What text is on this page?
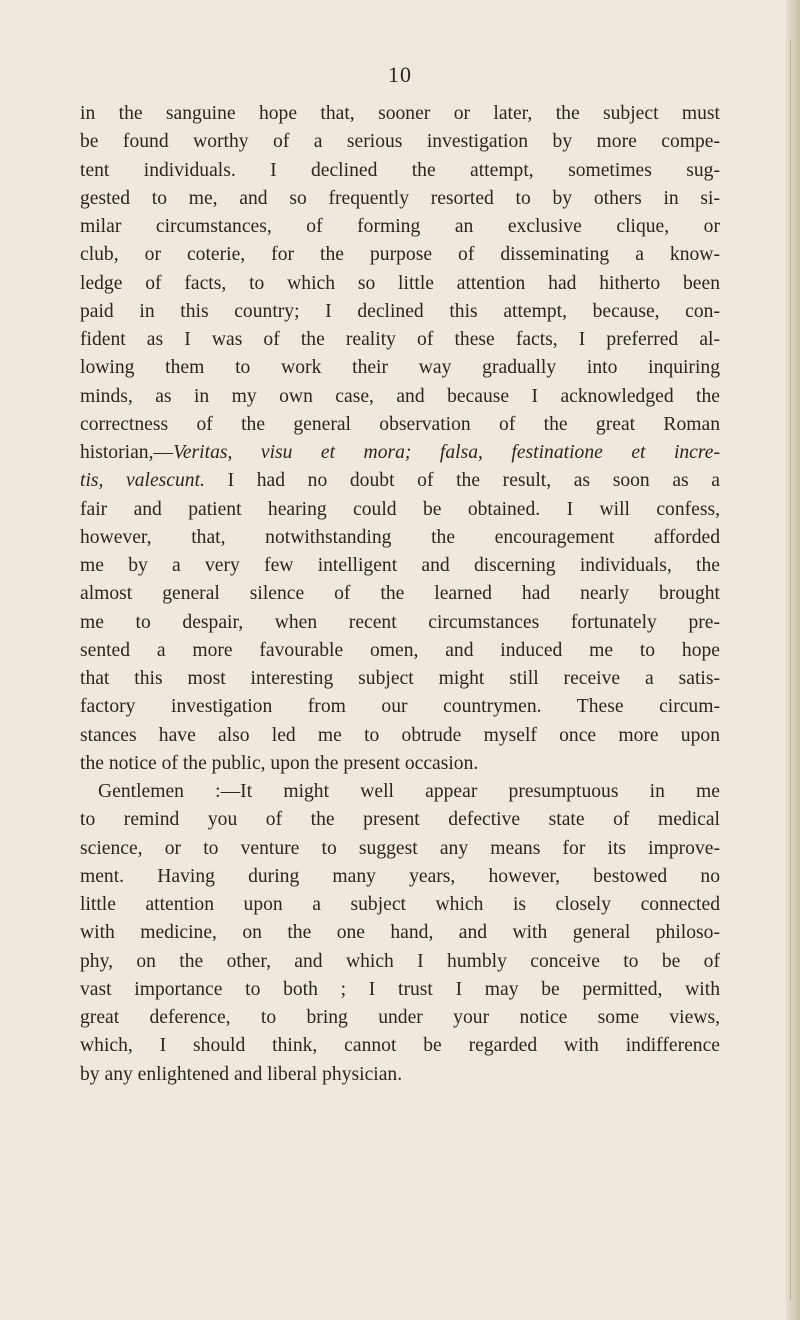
10
in the sanguine hope that, sooner or later, the subject must
be found worthy of a serious investigation by more compe-
tent individuals. I declined the attempt, sometimes sug-
gested to me, and so frequently resorted to by others in si-
milar circumstances, of forming an exclusive clique, or
club, or coterie, for the purpose of disseminating a know-
ledge of facts, to which so little attention had hitherto been
paid in this country; I declined this attempt, because, con-
fident as I was of the reality of these facts, I preferred al-
lowing them to work their way gradually into inquiring
minds, as in my own case, and because I acknowledged the
correctness of the general observation of the great Roman
historian,—Veritas, visu et mora; falsa, festinatione et incre-
tis, valescunt. I had no doubt of the result, as soon as a
fair and patient hearing could be obtained. I will confess,
however, that, notwithstanding the encouragement afforded
me by a very few intelligent and discerning individuals, the
almost general silence of the learned had nearly brought
me to despair, when recent circumstances fortunately pre-
sented a more favourable omen, and induced me to hope
that this most interesting subject might still receive a satis-
factory investigation from our countrymen. These circum-
stances have also led me to obtrude myself once more upon
the notice of the public, upon the present occasion.
Gentlemen :—It might well appear presumptuous in me
to remind you of the present defective state of medical
science, or to venture to suggest any means for its improve-
ment. Having during many years, however, bestowed no
little attention upon a subject which is closely connected
with medicine, on the one hand, and with general philoso-
phy, on the other, and which I humbly conceive to be of
vast importance to both ; I trust I may be permitted, with
great deference, to bring under your notice some views,
which, I should think, cannot be regarded with indifference
by any enlightened and liberal physician.
